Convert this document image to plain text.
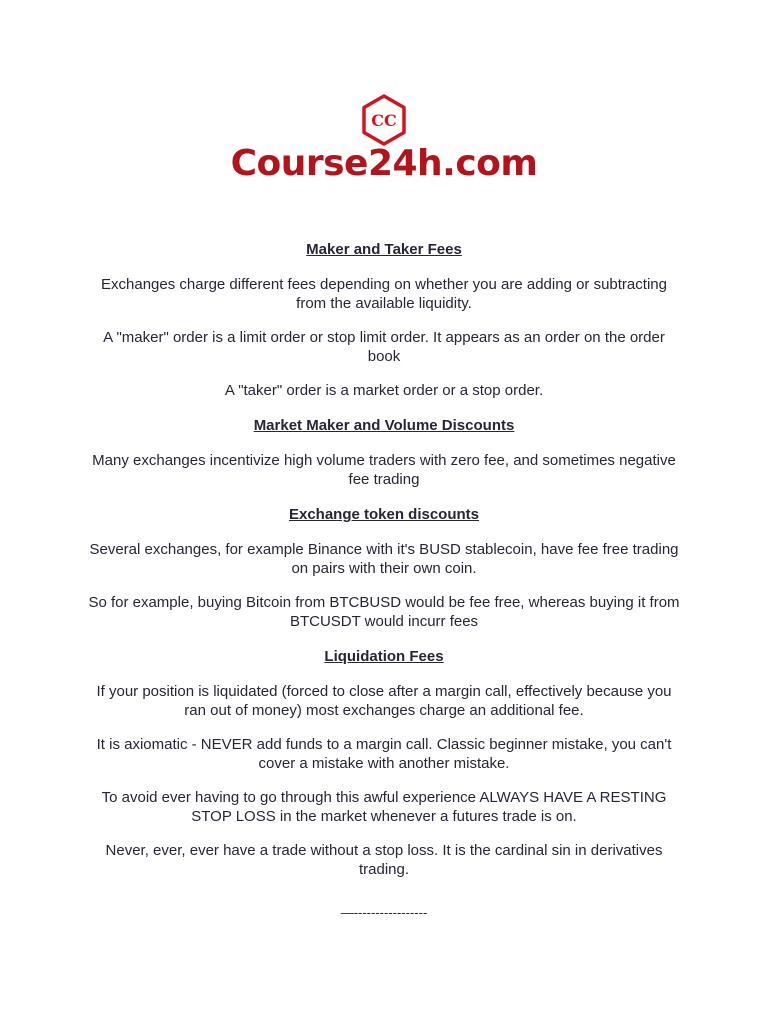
CC
Course24h.com
Maker and Taker Fees

Exchanges charge different fees depending on whether you are adding or subtracting from the available liquidity.

A "maker" order is a limit order or stop limit order. It appears as an order on the order book

A "taker" order is a market order or a stop order.

Market Maker and Volume Discounts

Many exchanges incentivize high volume traders with zero fee, and sometimes negative fee trading

Exchange token discounts

Several exchanges, for example Binance with it's BUSD stablecoin, have fee free trading on pairs with their own coin.

So for example, buying Bitcoin from BTCBUSD would be fee free, whereas buying it from BTCUSDT would incurr fees

Liquidation Fees

If your position is liquidated (forced to close after a margin call, effectively because you ran out of money) most exchanges charge an additional fee.

It is axiomatic - NEVER add funds to a margin call. Classic beginner mistake, you can't cover a mistake with another mistake.

To avoid ever having to go through this awful experience ALWAYS HAVE A RESTING STOP LOSS in the market whenever a futures trade is on.

Never, ever, ever have a trade without a stop loss. It is the cardinal sin in derivatives trading.

—-----------------
